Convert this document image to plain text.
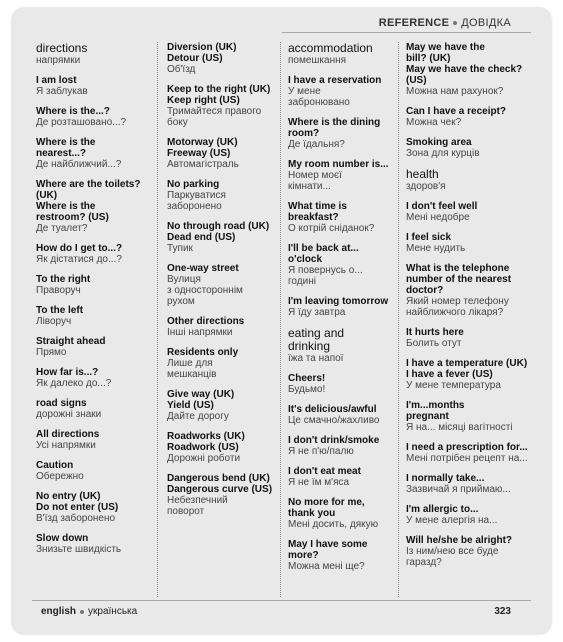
REFERENCE ДОВІДКА
directions
напрямки
I am lost
Я заблукав
Where is the...?
Де розташовано...?
Where is the
nearest...?
Де найближчий...?
Where are the toilets?
(UK)
Where is the
restroom? (US)
Де туалет?
How do I get to...?
Як дістатися до...?
To the right
Праворуч
To the left
Ліворуч
Straight ahead
Прямо
How far is...?
Як далеко до...?
road signs
дорожні знаки
All directions
Усі напрямки
Caution
Обережно
No entry (UK)
Do not enter (US)
В'їзд заборонено
Slow down
Знизьте швидкість
Diversion (UK)
Detour (US)
Об'їзд
Keep to the right (UK)
Keep right (US)
Тримайтеся правого
боку
Motorway (UK)
Freeway (US)
Автомагістраль
No parking
Паркуватися
заборонено
No through road (UK)
Dead end (US)
Тупик
One-way street
Вулиця
з одностороннім
рухом
Other directions
Інші напрямки
Residents only
Лише для
мешканців
Give way (UK)
Yield (US)
Дайте дорогу
Roadworks (UK)
Roadwork (US)
Дорожні роботи
Dangerous bend (UK)
Dangerous curve (US)
Небезпечний
поворот
accommodation
помешкання
I have a reservation
У мене
забронювано
Where is the dining
room?
Де їдальня?
My room number is...
Номер моєї
кімнати...
What time is
breakfast?
О котрій сніданок?
I'll be back at...
o'clock
Я повернусь о...
годині
I'm leaving tomorrow
Я їду завтра
eating and
drinking
їжа та напої
Cheers!
Будьмо!
It's delicious/awful
Це смачно/жахливо
I don't drink/smoke
Я не п'ю/палю
I don't eat meat
Я не їм м'яса
No more for me,
thank you
Мені досить, дякую
May I have some
more?
Можна мені ще?
May we have the
bill? (UK)
May we have the check?
(US)
Можна нам рахунок?
Can I have a receipt?
Можна чек?
Smoking area
Зона для курців
health
здоров'я
I don't feel well
Мені недобре
I feel sick
Мене нудить
What is the telephone
number of the nearest
doctor?
Який номер телефону
найближчого лікаря?
It hurts here
Болить отут
I have a temperature (UK)
I have a fever (US)
У мене температура
I'm...months
pregnant
Я на... місяці вагітності
I need a prescription for...
Мені потрібен рецепт на...
I normally take...
Зазвичай я приймаю...
I'm allergic to...
У мене алергія на...
Will he/she be alright?
Із ним/нею все буде
гаразд?
english українська	323
